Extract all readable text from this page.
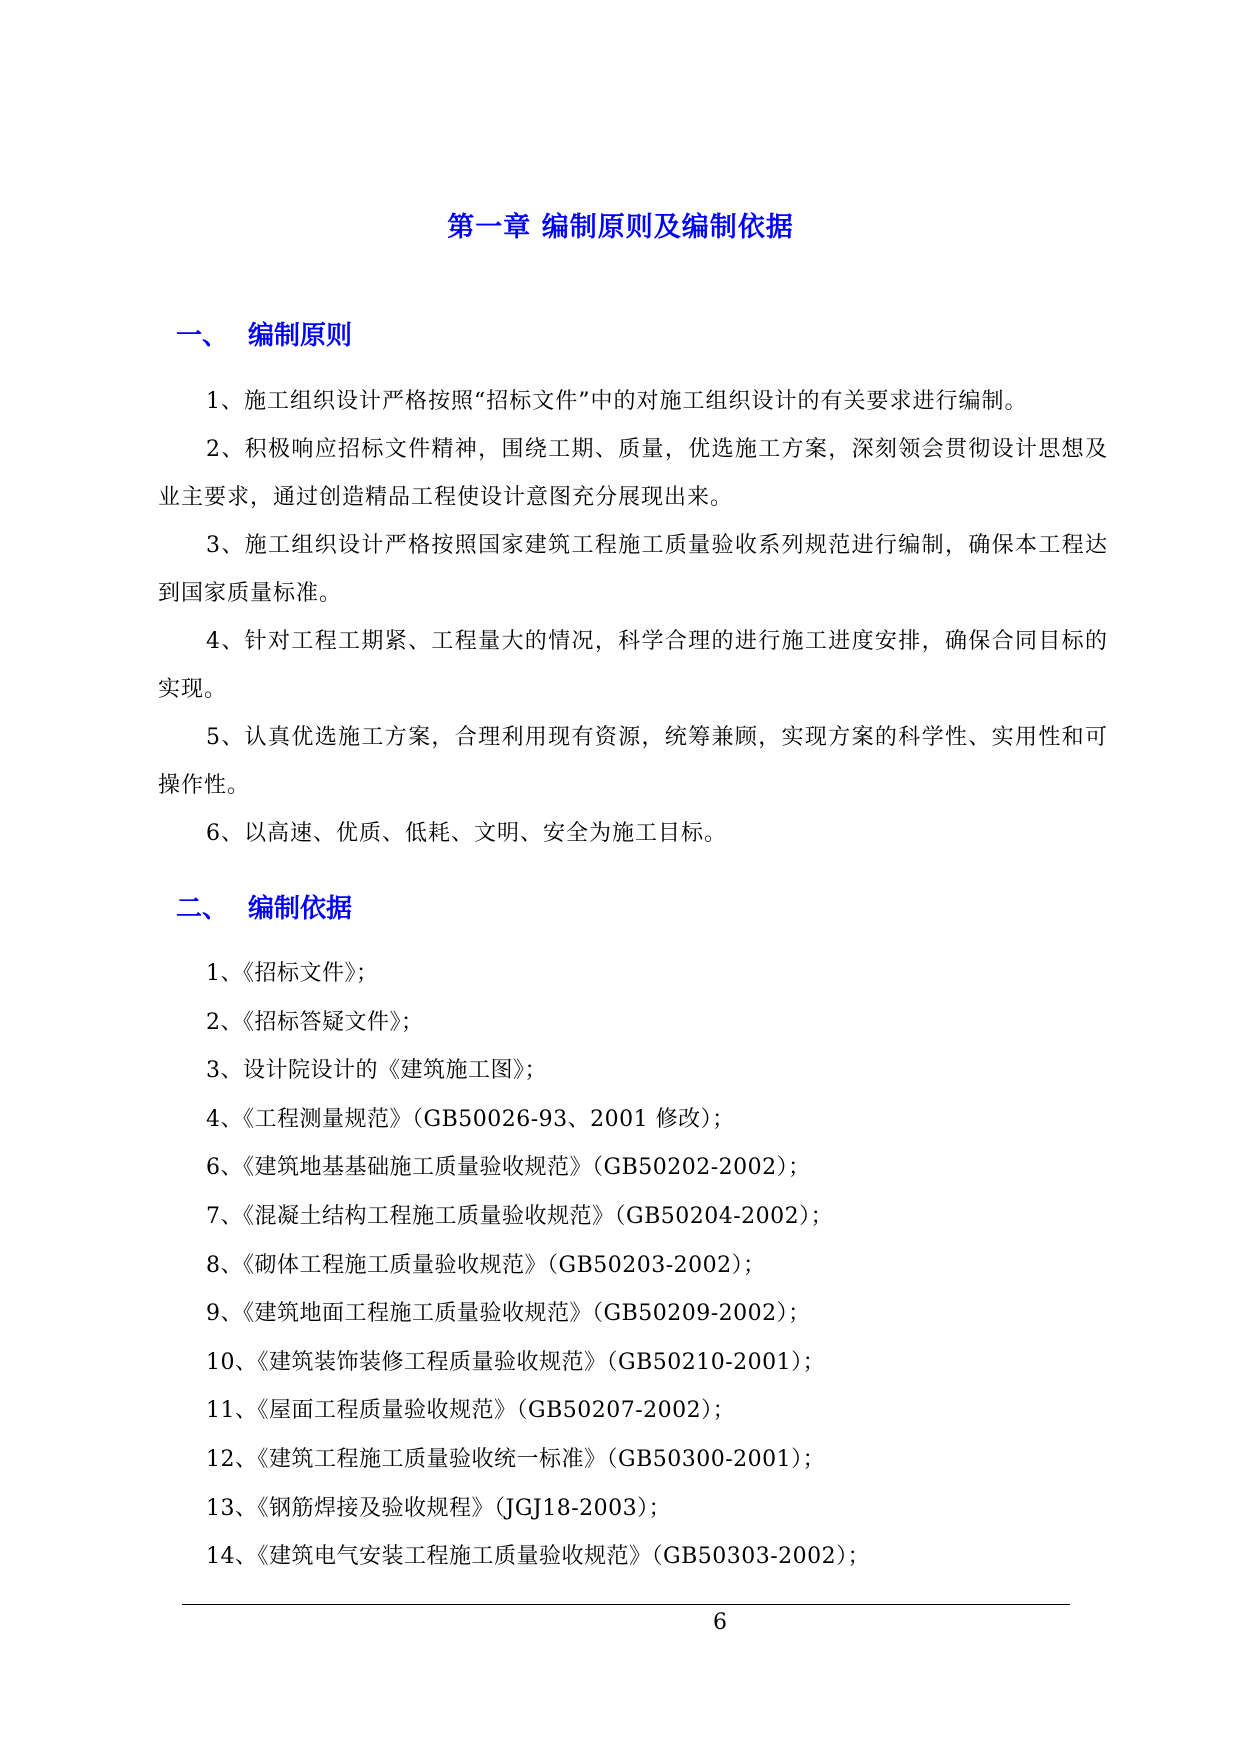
第一章 编制原则及编制依据
一、 编制原则

1、施工组织设计严格按照“招标文件”中的对施工组织设计的有关要求进行编制。

2、积极响应招标文件精神，围绕工期、质量，优选施工方案，深刻领会贯彻设计思想及业主要求，通过创造精品工程使设计意图充分展现出来。

3、施工组织设计严格按照国家建筑工程施工质量验收系列规范进行编制，确保本工程达到国家质量标准。

4、针对工程工期紧、工程量大的情况，科学合理的进行施工进度安排，确保合同目标的实现。

5、认真优选施工方案，合理利用现有资源，统筹兼顾，实现方案的科学性、实用性和可操作性。

6、以高速、优质、低耗、文明、安全为施工目标。

二、 编制依据

1、《招标文件》；

2、《招标答疑文件》；

3、设计院设计的《建筑施工图》；

4、《工程测量规范》（GB50026-93、2001 修改）；

6、《建筑地基基础施工质量验收规范》（GB50202-2002）；

7、《混凝土结构工程施工质量验收规范》（GB50204-2002）；

8、《砌体工程施工质量验收规范》（GB50203-2002）；

9、《建筑地面工程施工质量验收规范》（GB50209-2002）；

10、《建筑装饰装修工程质量验收规范》（GB50210-2001）；

11、《屋面工程质量验收规范》（GB50207-2002）；

12、《建筑工程施工质量验收统一标准》（GB50300-2001）；

13、《钢筋焊接及验收规程》（JGJ18-2003）；

14、《建筑电气安装工程施工质量验收规范》（GB50303-2002）；

6
